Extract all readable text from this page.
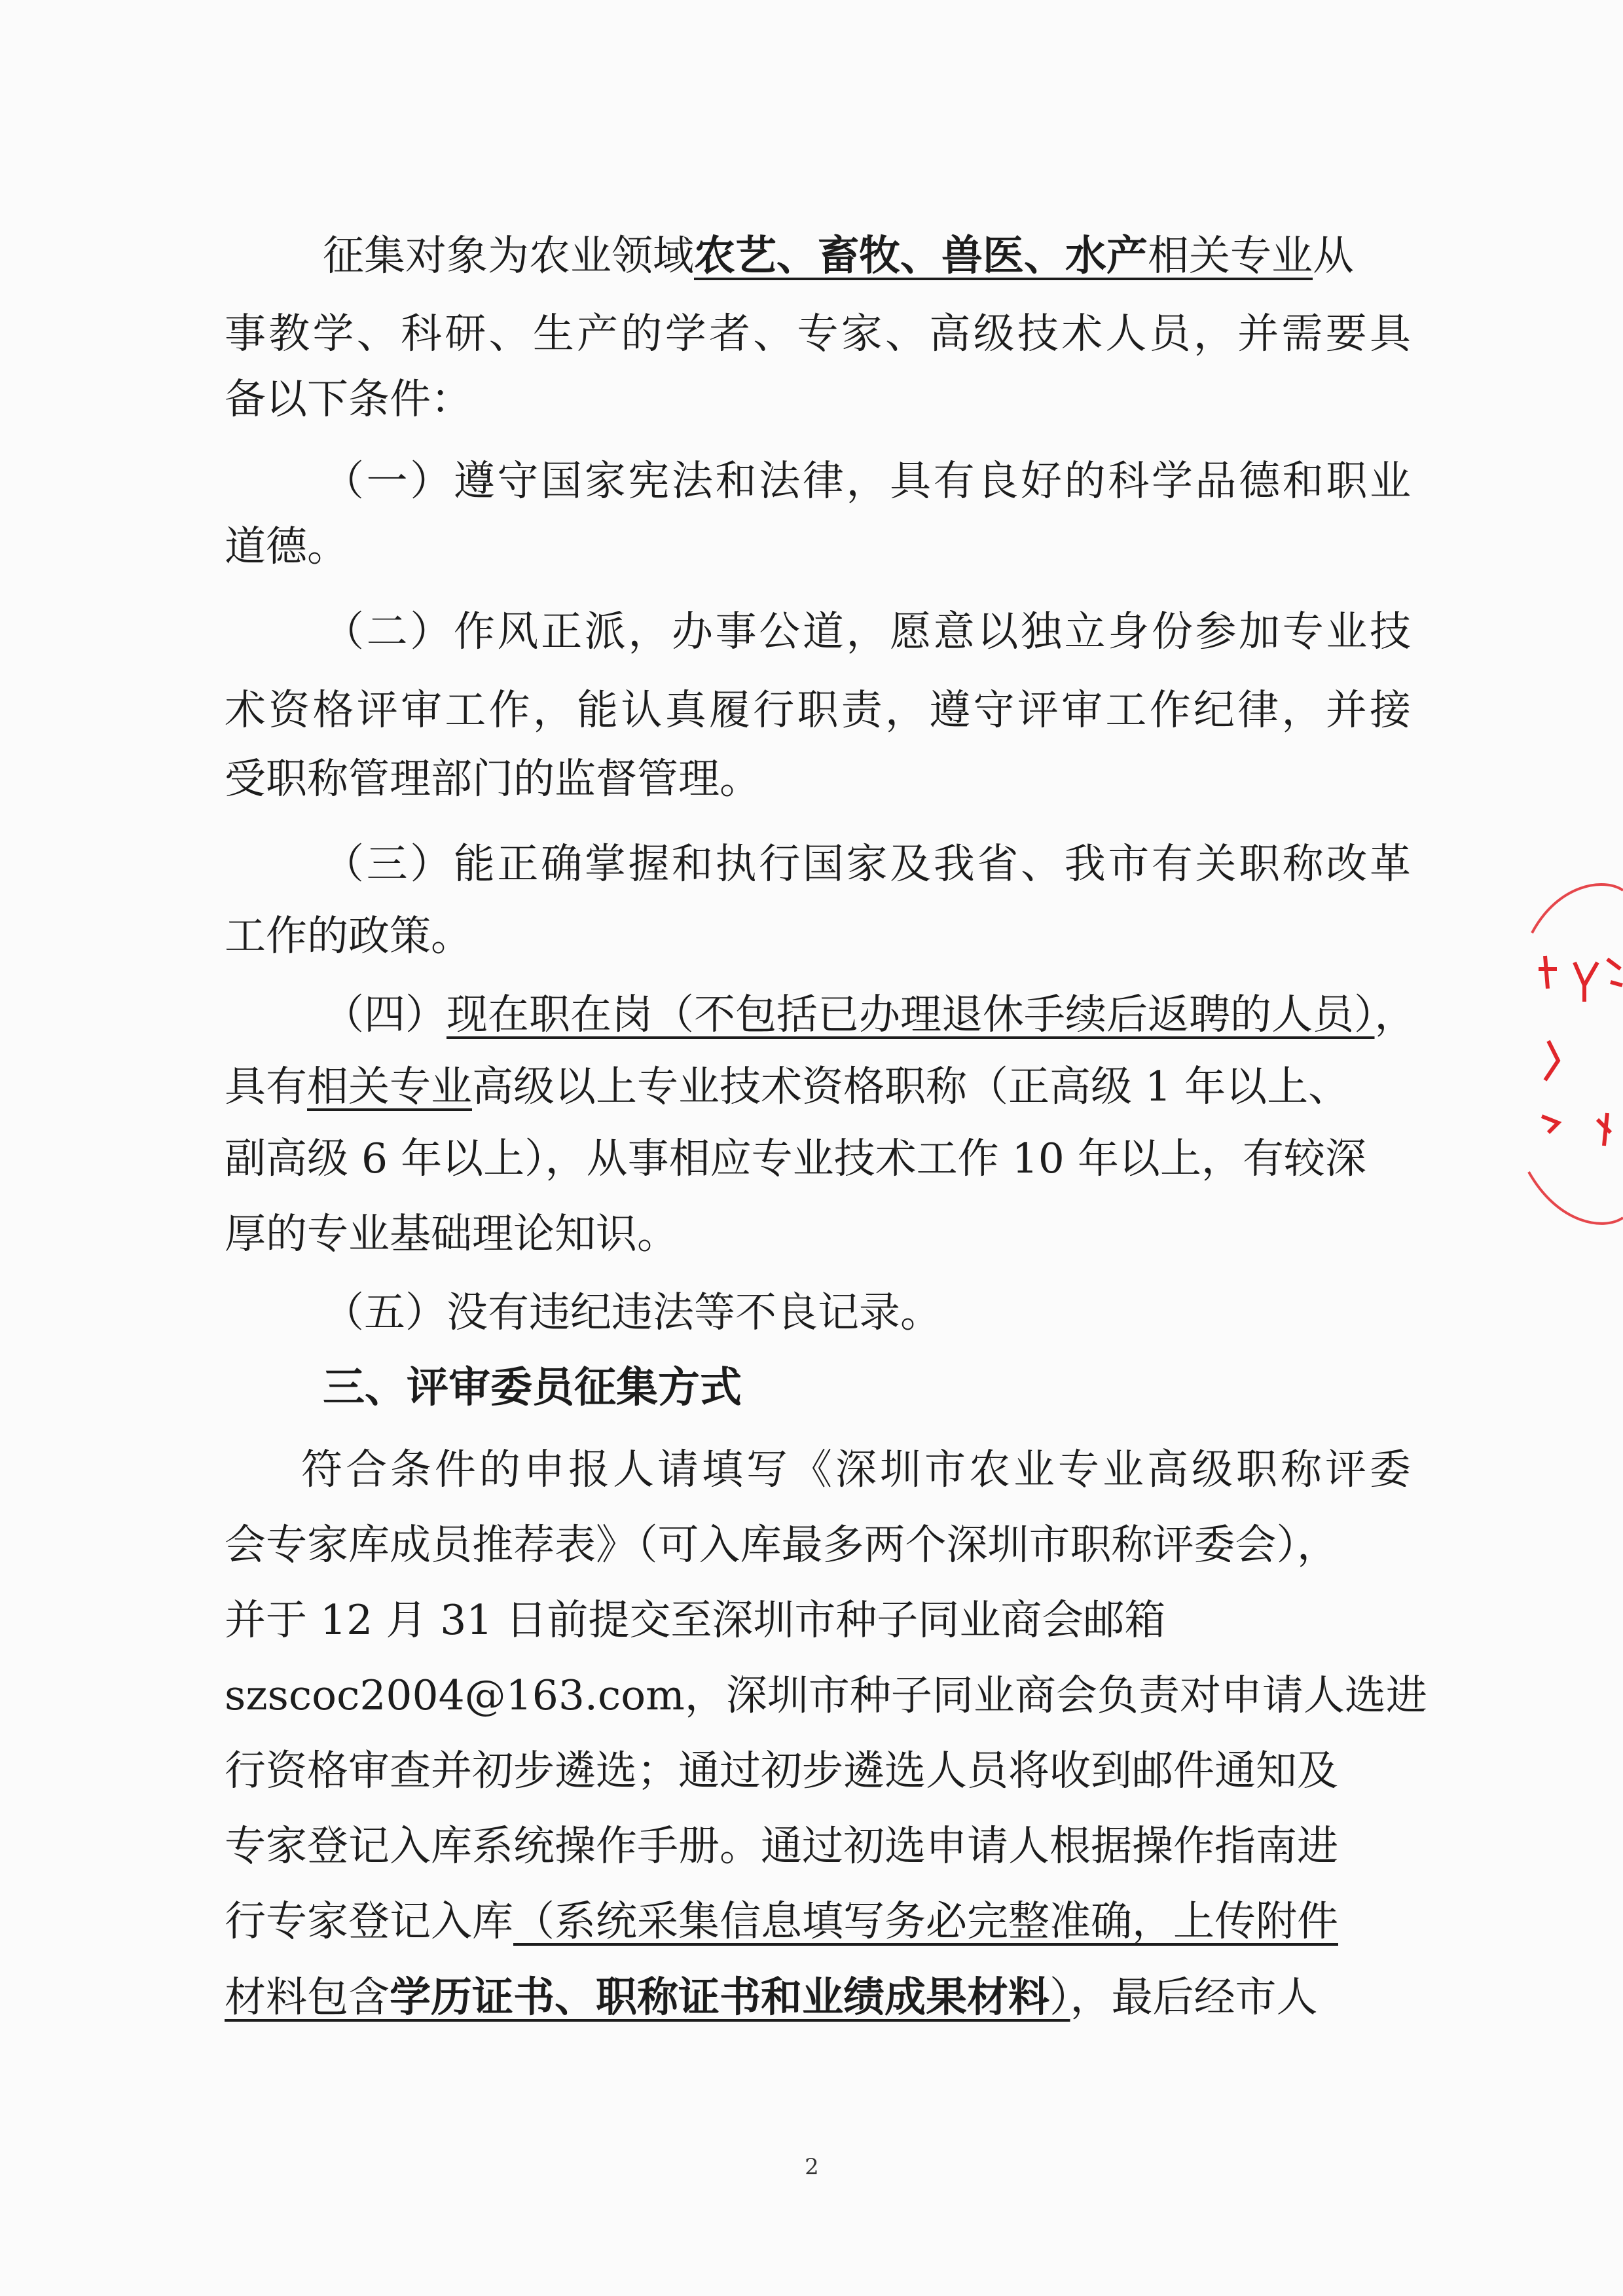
征集对象为农业领域农艺、畜牧、兽医、水产相关专业从
事教学、科研、生产的学者、专家、高级技术人员，并需要具
备以下条件：
（一）遵守国家宪法和法律，具有良好的科学品德和职业
道德。
（二）作风正派，办事公道，愿意以独立身份参加专业技
术资格评审工作，能认真履行职责，遵守评审工作纪律，并接
受职称管理部门的监督管理。
（三）能正确掌握和执行国家及我省、我市有关职称改革
工作的政策。
（四）现在职在岗（不包括已办理退休手续后返聘的人员），
具有相关专业高级以上专业技术资格职称（正高级 1 年以上、
副高级 6 年以上），从事相应专业技术工作 10 年以上，有较深
厚的专业基础理论知识。
（五）没有违纪违法等不良记录。
三、评审委员征集方式
符合条件的申报人请填写《深圳市农业专业高级职称评委
会专家库成员推荐表》（可入库最多两个深圳市职称评委会），
并于 12 月 31 日前提交至深圳市种子同业商会邮箱
szscoc2004@163.com，深圳市种子同业商会负责对申请人选进
行资格审查并初步遴选；通过初步遴选人员将收到邮件通知及
专家登记入库系统操作手册。通过初选申请人根据操作指南进
行专家登记入库（系统采集信息填写务必完整准确，上传附件
材料包含学历证书、职称证书和业绩成果材料），最后经市人
2
